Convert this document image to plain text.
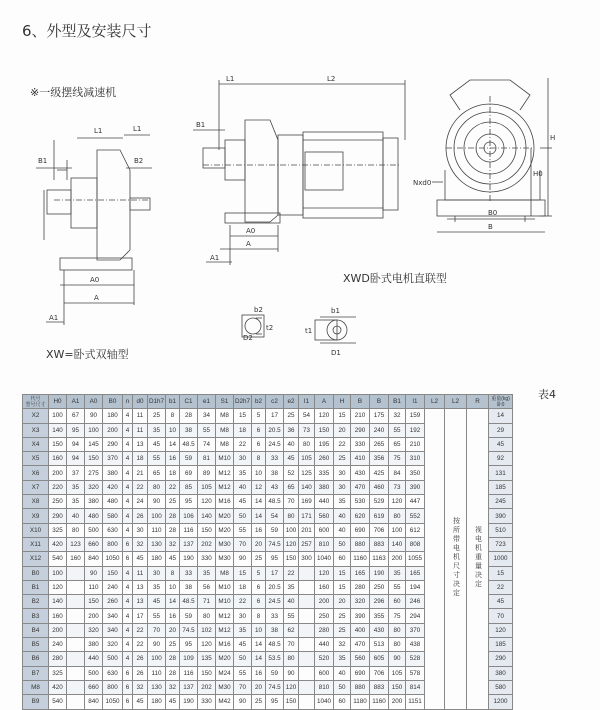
6、外型及安装尺寸
※一级摆线减速机
XW=卧式双轴型
XWD卧式电机直联型
表4
L1	L1
B1	B2
A0
A
A1
L1	L2
B1
A0
A
A1
H
H0
B0
B
Nxd0
b2
D2
b1
D1
t1
t2
代号
型号尺寸	H0	A1	A0	B0	n	d0	D1h7	b1	C1	e1	S1	D2h7	b2	c2	e2	l1	A	H	B	B	B1	l1	L2	L2	R	重量(kg)
卧0
X2	100	67	90	180	4	11	25	8	28	34	M8	15	5	17	25	54	120	15	210	175	32	159		按所带电机尺寸决定	视电机重量决定	14
X3	140	95	100	200	4	11	35	10	38	55	M8	18	6	20.5	36	73	150	20	290	240	55	192				29
X4	150	94	145	290	4	13	45	14	48.5	74	M8	22	6	24.5	40	80	195	22	330	265	65	210				45
X5	160	94	150	370	4	18	55	16	59	81	M10	30	8	33	45	105	260	25	410	356	75	310				92
X6	200	37	275	380	4	21	65	18	69	89	M12	35	10	38	52	125	335	30	430	425	84	350				131
X7	220	35	320	420	4	22	80	22	85	105	M12	40	12	43	65	140	380	30	470	460	73	390				185
X8	250	35	380	480	4	24	90	25	95	120	M16	45	14	48.5	70	169	440	35	530	529	120	447				245
X9	290	40	480	580	4	26	100	28	106	140	M20	50	14	54	80	171	560	40	620	619	80	552				390
X10	325	80	500	630	4	30	110	28	116	150	M20	55	16	59	100	201	600	40	690	706	100	612				510
X11	420	123	660	800	6	32	130	32	137	202	M30	70	20	74.5	120	257	810	50	880	883	140	808				723
X12	540	160	840	1050	6	45	180	45	190	330	M30	90	25	95	150	300	1040	60	1160	1163	200	1055				1000
B0	100		90	150	4	11	30	8	33	35	M8	15	5	17	22		120	15	165	190	35	165				15
B1	120		110	240	4	13	35	10	38	56	M10	18	6	20.5	35		160	15	280	250	55	194				22
B2	140		150	260	4	13	45	14	48.5	71	M10	22	6	24.5	40		200	20	320	296	60	246				45
B3	160		200	340	4	17	55	16	59	80	M12	30	8	33	55		250	25	390	355	75	294				70
B4	200		320	340	4	22	70	20	74.5	102	M12	35	10	38	62		280	25	400	430	80	370				120
B5	240		380	320	4	22	90	25	95	120	M16	45	14	48.5	70		440	32	470	513	80	438				185
B6	280		440	500	4	26	100	28	109	135	M20	50	14	53.5	80		520	35	560	605	90	528				290
B7	325		500	630	6	26	110	28	116	150	M24	55	16	59	90		600	40	690	706	105	578				380
M8	420		660	800	6	32	130	32	137	202	M30	70	20	74.5	120		810	50	880	883	150	814				580
B9	540		840	1050	6	45	180	45	190	330	M42	90	25	95	150		1040	60	1180	1160	200	1151				1200
